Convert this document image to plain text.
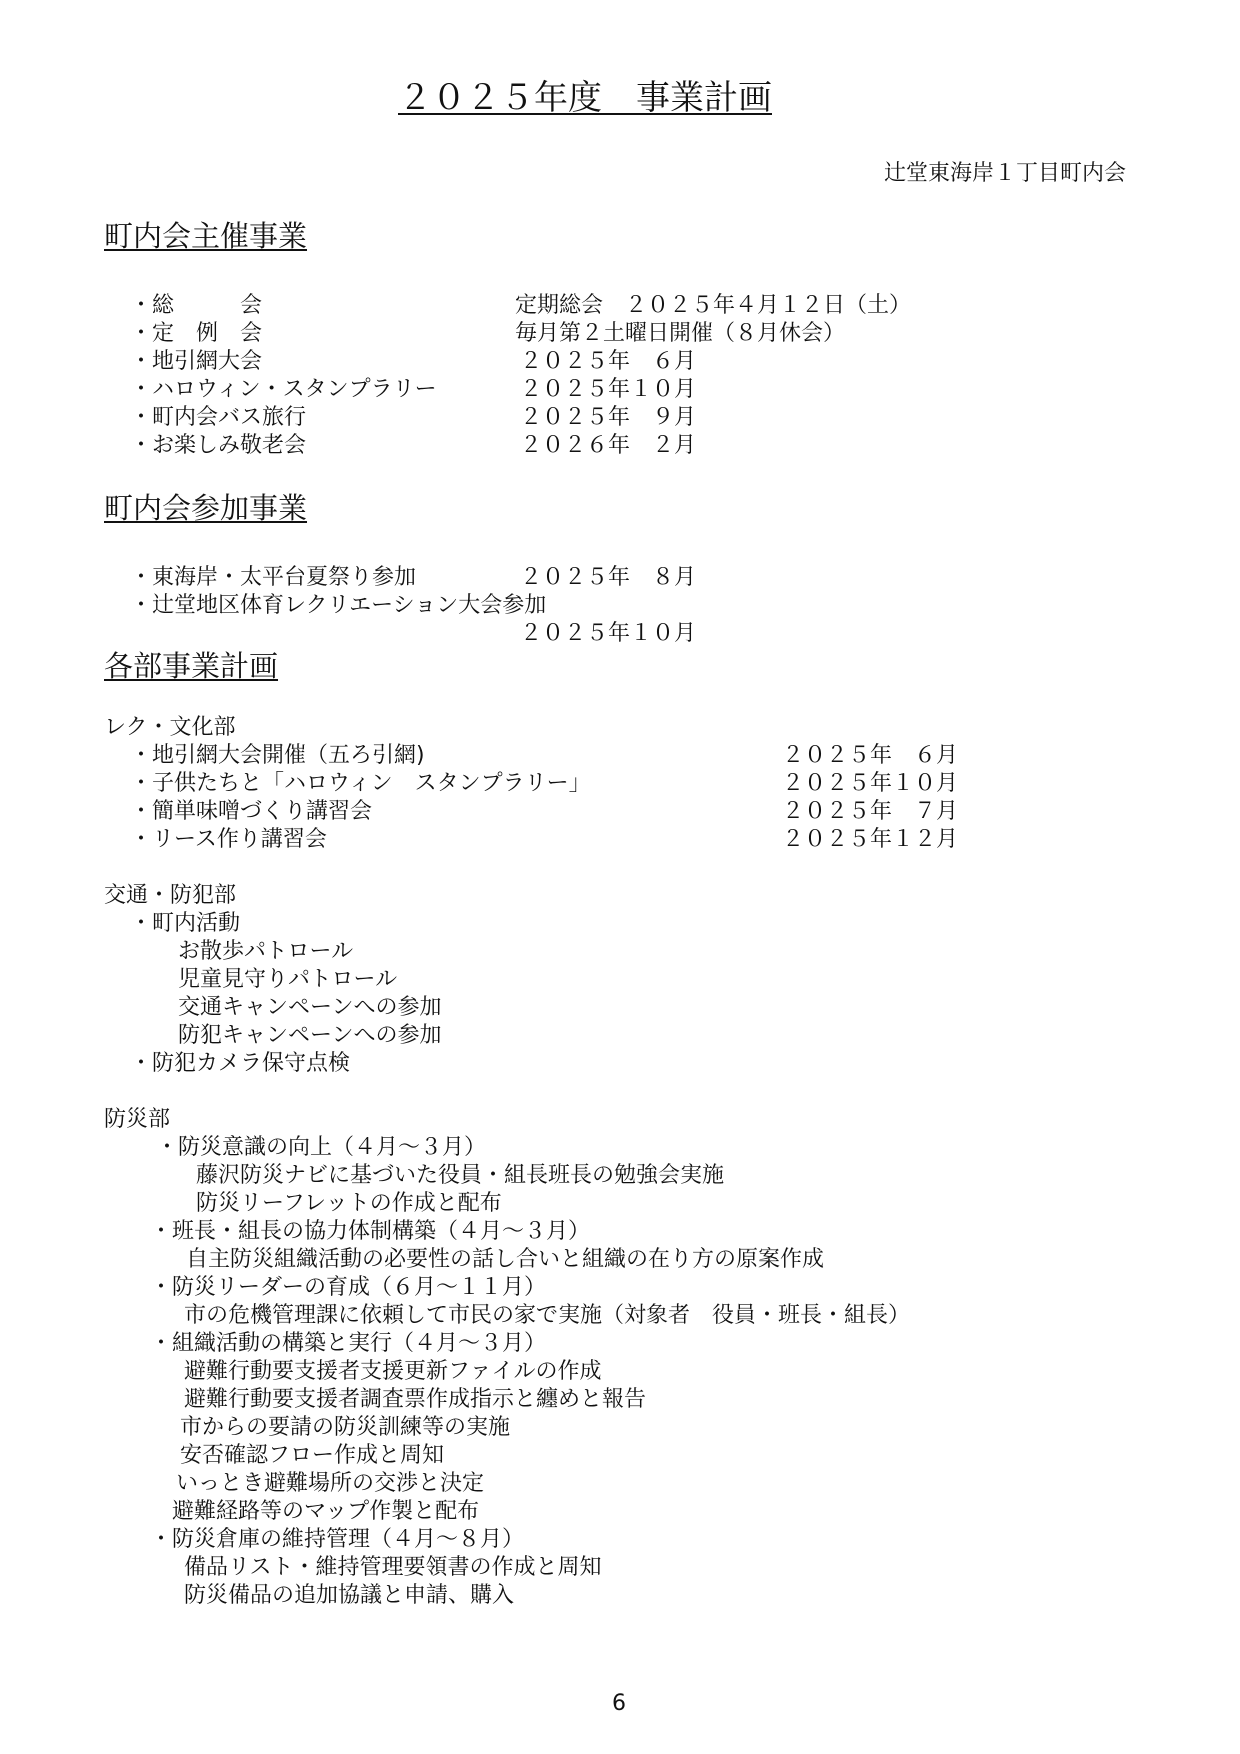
２０２５年度　事業計画
辻堂東海岸１丁目町内会
町内会主催事業
・総　　　会	定期総会　２０２５年４月１２日（土）
・定　例　会	毎月第２土曜日開催（８月休会）
・地引網大会	２０２５年　６月
・ハロウィン・スタンプラリー	２０２５年１０月
・町内会バス旅行	２０２５年　９月
・お楽しみ敬老会	２０２６年　２月
町内会参加事業
・東海岸・太平台夏祭り参加	２０２５年　８月
・辻堂地区体育レクリエーション大会参加
２０２５年１０月
各部事業計画
レク・文化部
・地引網大会開催（五ろ引網)	２０２５年　６月
・子供たちと「ハロウィン　スタンプラリー」	２０２５年１０月
・簡単味噌づくり講習会	２０２５年　７月
・リース作り講習会	２０２５年１２月
交通・防犯部
・町内活動
お散歩パトロール
児童見守りパトロール
交通キャンペーンへの参加
防犯キャンペーンへの参加
・防犯カメラ保守点検
防災部
・防災意識の向上（４月～３月）
藤沢防災ナビに基づいた役員・組長班長の勉強会実施
防災リーフレットの作成と配布
・班長・組長の協力体制構築（４月～３月）
自主防災組織活動の必要性の話し合いと組織の在り方の原案作成
・防災リーダーの育成（６月～１１月）
市の危機管理課に依頼して市民の家で実施（対象者　役員・班長・組長）
・組織活動の構築と実行（４月～３月）
避難行動要支援者支援更新ファイルの作成
避難行動要支援者調査票作成指示と纏めと報告
市からの要請の防災訓練等の実施
安否確認フロー作成と周知
いっとき避難場所の交渉と決定
避難経路等のマップ作製と配布
・防災倉庫の維持管理（４月～８月）
備品リスト・維持管理要領書の作成と周知
防災備品の追加協議と申請、購入
6
